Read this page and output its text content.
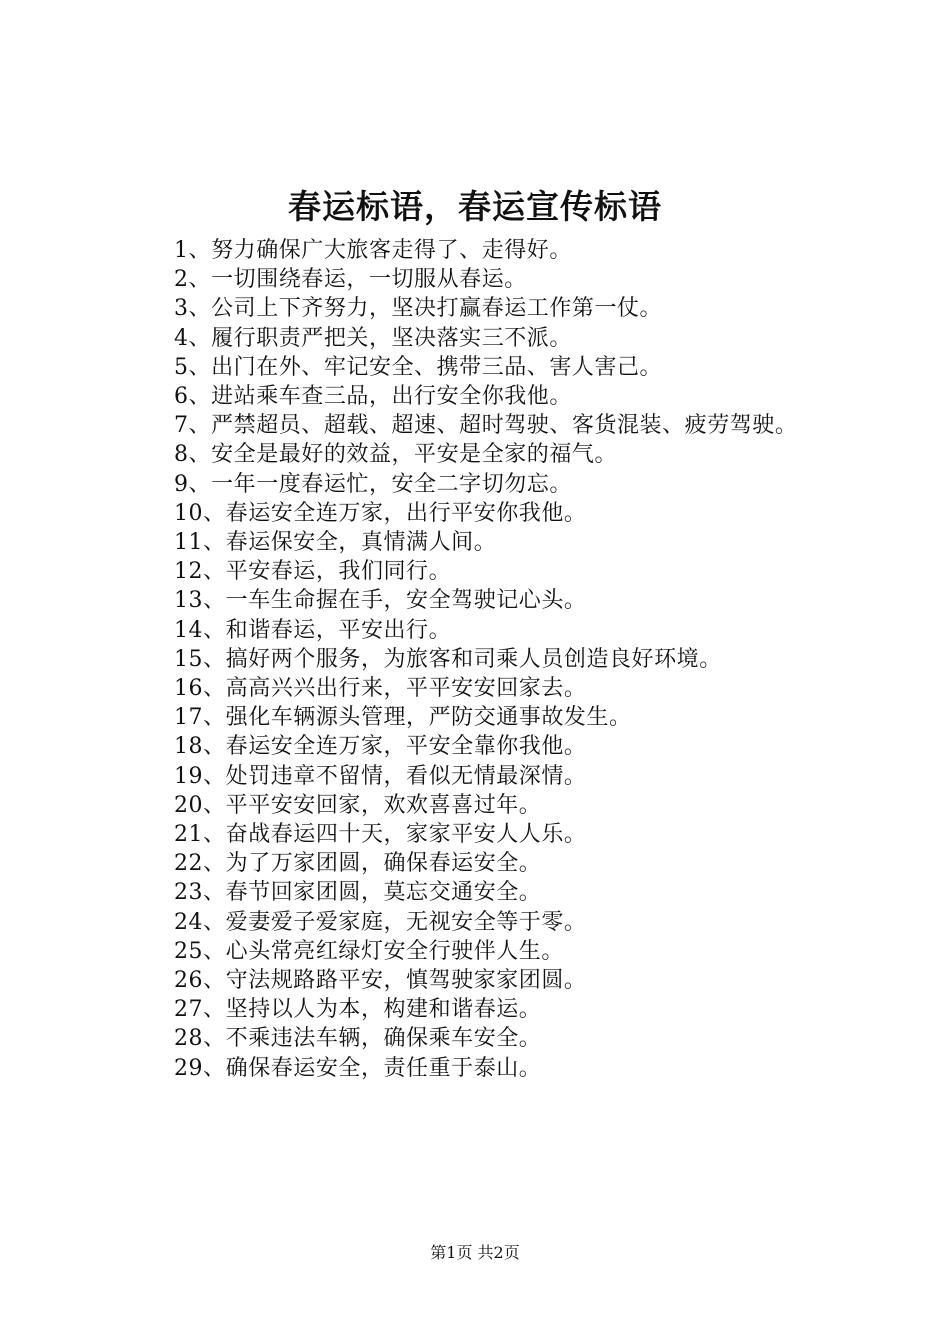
春运标语，春运宣传标语
1、努力确保广大旅客走得了、走得好。
2、一切围绕春运，一切服从春运。
3、公司上下齐努力，坚决打赢春运工作第一仗。
4、履行职责严把关，坚决落实三不派。
5、出门在外、牢记安全、携带三品、害人害己。
6、进站乘车查三品，出行安全你我他。
7、严禁超员、超载、超速、超时驾驶、客货混装、疲劳驾驶。
8、安全是最好的效益，平安是全家的福气。
9、一年一度春运忙，安全二字切勿忘。
10、春运安全连万家，出行平安你我他。
11、春运保安全，真情满人间。
12、平安春运，我们同行。
13、一车生命握在手，安全驾驶记心头。
14、和谐春运，平安出行。
15、搞好两个服务，为旅客和司乘人员创造良好环境。
16、高高兴兴出行来，平平安安回家去。
17、强化车辆源头管理，严防交通事故发生。
18、春运安全连万家，平安全靠你我他。
19、处罚违章不留情，看似无情最深情。
20、平平安安回家，欢欢喜喜过年。
21、奋战春运四十天，家家平安人人乐。
22、为了万家团圆，确保春运安全。
23、春节回家团圆，莫忘交通安全。
24、爱妻爱子爱家庭，无视安全等于零。
25、心头常亮红绿灯安全行驶伴人生。
26、守法规路路平安，慎驾驶家家团圆。
27、坚持以人为本，构建和谐春运。
28、不乘违法车辆，确保乘车安全。
29、确保春运安全，责任重于泰山。
第1页 共2页
